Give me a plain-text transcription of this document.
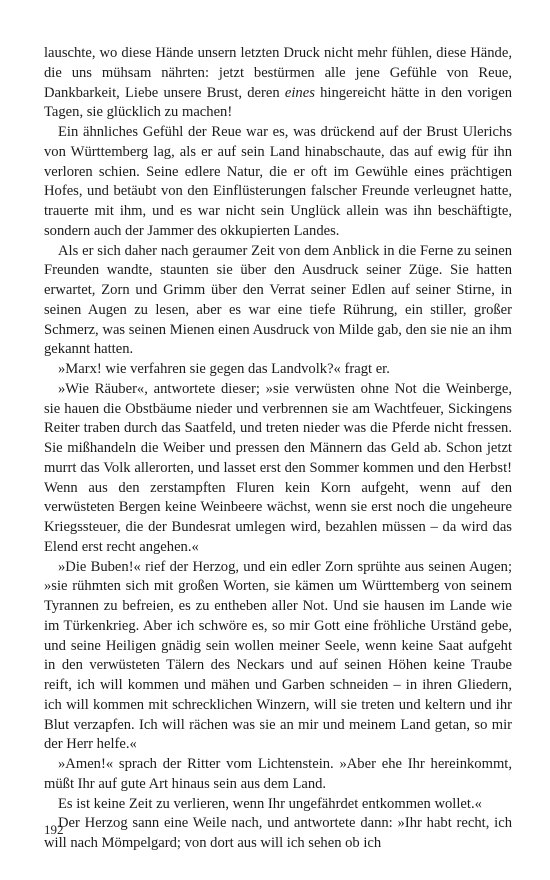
lauschte, wo diese Hände unsern letzten Druck nicht mehr fühlen, diese Hände, die uns mühsam nährten: jetzt bestürmen alle jene Gefühle von Reue, Dankbarkeit, Liebe unsere Brust, deren eines hingereicht hätte in den vorigen Tagen, sie glücklich zu machen!

Ein ähnliches Gefühl der Reue war es, was drückend auf der Brust Ulerichs von Württemberg lag, als er auf sein Land hinabschaute, das auf ewig für ihn verloren schien. Seine edlere Natur, die er oft im Gewühle eines prächtigen Hofes, und betäubt von den Einflüsterungen falscher Freunde verleugnet hatte, trauerte mit ihm, und es war nicht sein Unglück allein was ihn beschäftigte, sondern auch der Jammer des okkupierten Landes.

Als er sich daher nach geraumer Zeit von dem Anblick in die Ferne zu seinen Freunden wandte, staunten sie über den Ausdruck seiner Züge. Sie hatten erwartet, Zorn und Grimm über den Verrat seiner Edlen auf seiner Stirne, in seinen Augen zu lesen, aber es war eine tiefe Rührung, ein stiller, großer Schmerz, was seinen Mienen einen Ausdruck von Milde gab, den sie nie an ihm gekannt hatten.

»Marx! wie verfahren sie gegen das Landvolk?« fragt er.

»Wie Räuber«, antwortete dieser; »sie verwüsten ohne Not die Weinberge, sie hauen die Obstbäume nieder und verbrennen sie am Wachtfeuer, Sickingens Reiter traben durch das Saatfeld, und treten nieder was die Pferde nicht fressen. Sie mißhandeln die Weiber und pressen den Männern das Geld ab. Schon jetzt murrt das Volk allerorten, und lasset erst den Sommer kommen und den Herbst! Wenn aus den zerstampften Fluren kein Korn aufgeht, wenn auf den verwüsteten Bergen keine Weinbeere wächst, wenn sie erst noch die ungeheure Kriegssteuer, die der Bundesrat umlegen wird, bezahlen müssen – da wird das Elend erst recht angehen.«

»Die Buben!« rief der Herzog, und ein edler Zorn sprühte aus seinen Augen; »sie rühmten sich mit großen Worten, sie kämen um Württemberg von seinem Tyrannen zu befreien, es zu entheben aller Not. Und sie hausen im Lande wie im Türkenkrieg. Aber ich schwöre es, so mir Gott eine fröhliche Urständ gebe, und seine Heiligen gnädig sein wollen meiner Seele, wenn keine Saat aufgeht in den verwüsteten Tälern des Neckars und auf seinen Höhen keine Traube reift, ich will kommen und mähen und Garben schneiden – in ihren Gliedern, ich will kommen mit schrecklichen Winzern, will sie treten und keltern und ihr Blut verzapfen. Ich will rächen was sie an mir und meinem Land getan, so mir der Herr helfe.«

»Amen!« sprach der Ritter vom Lichtenstein. »Aber ehe Ihr hereinkommt, müßt Ihr auf gute Art hinaus sein aus dem Land.

Es ist keine Zeit zu verlieren, wenn Ihr ungefährdet entkommen wollet.«

Der Herzog sann eine Weile nach, und antwortete dann: »Ihr habt recht, ich will nach Mömpelgard; von dort aus will ich sehen ob ich

192
